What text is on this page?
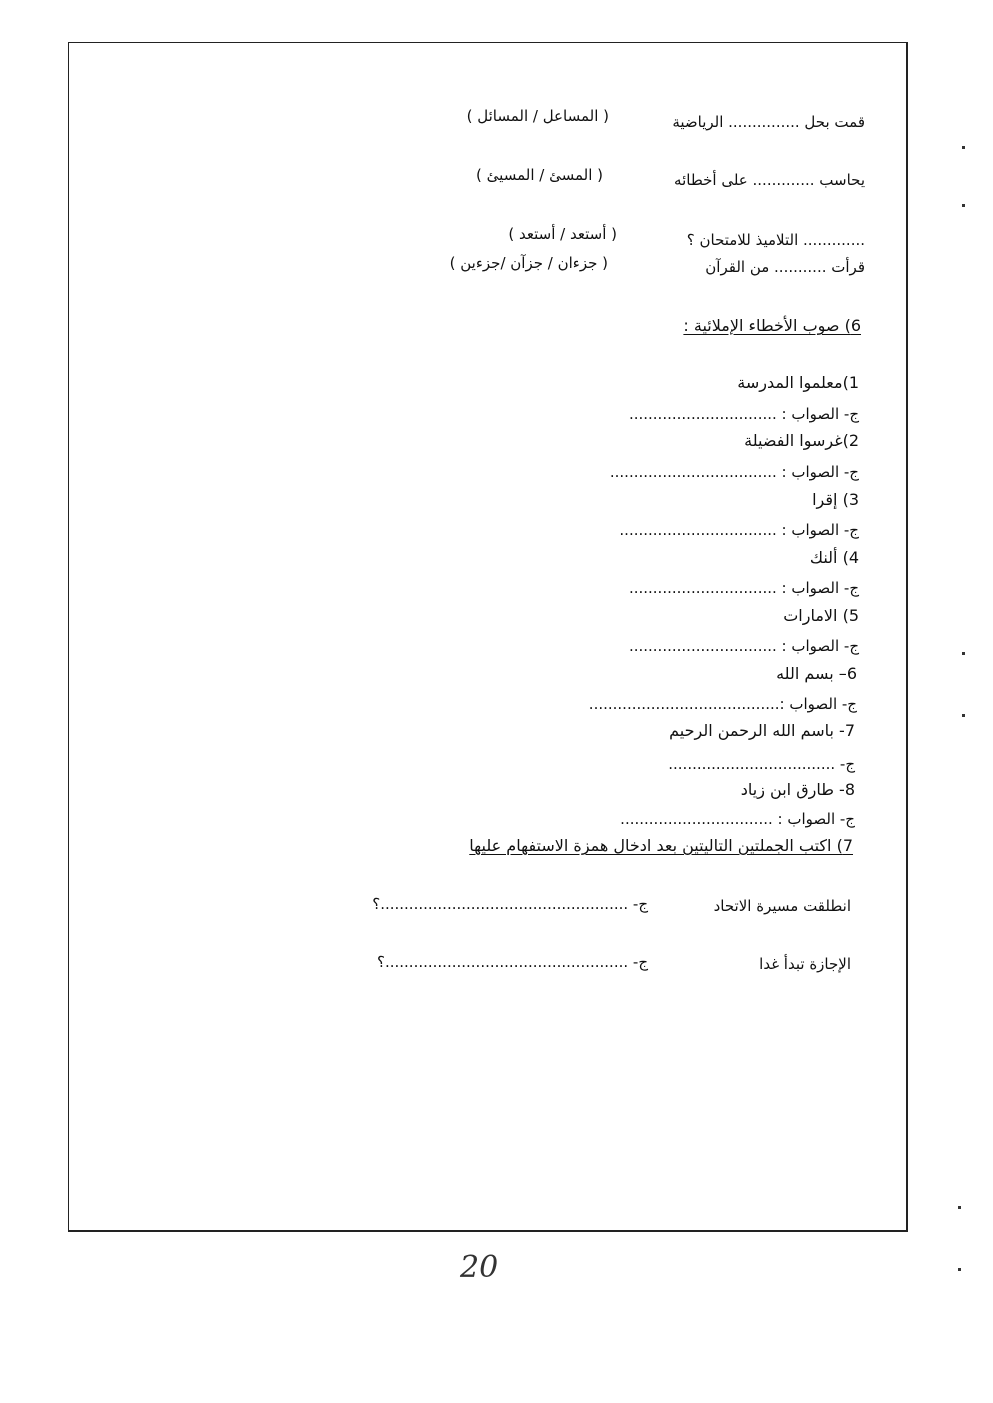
قمت بحل ............... الرياضية
( المساعل / المسائل )
يحاسب ............. على أخطائه
( المسئ / المسيئ )
............. التلاميذ للامتحان ؟
( أستعد / أستعد )
قرأت ........... من القرآن
( جزءان / جزآن /جزءين )
6) صوب الأخطاء الإملائية :
1)معلموا المدرسة
ج- الصواب : ...............................
2)غرسوا الفضيلة
ج- الصواب : ...................................
3) إقرا
ج- الصواب : .................................
4) ألنك
ج- الصواب : ...............................
5) الامارات
ج- الصواب : ...............................
6– بسم الله
ج- الصواب :........................................
7- باسم الله الرحمن الرحيم
ج- ...................................
8- طارق ابن زياد
ج- الصواب : ................................
7) اكتب الجملتين التاليتين بعد ادخال همزة الاستفهام عليها
انطلقت مسيرة الاتحاد
ج- ....................................................؟
الإجازة تبدأ غدا
ج- ...................................................؟
20
